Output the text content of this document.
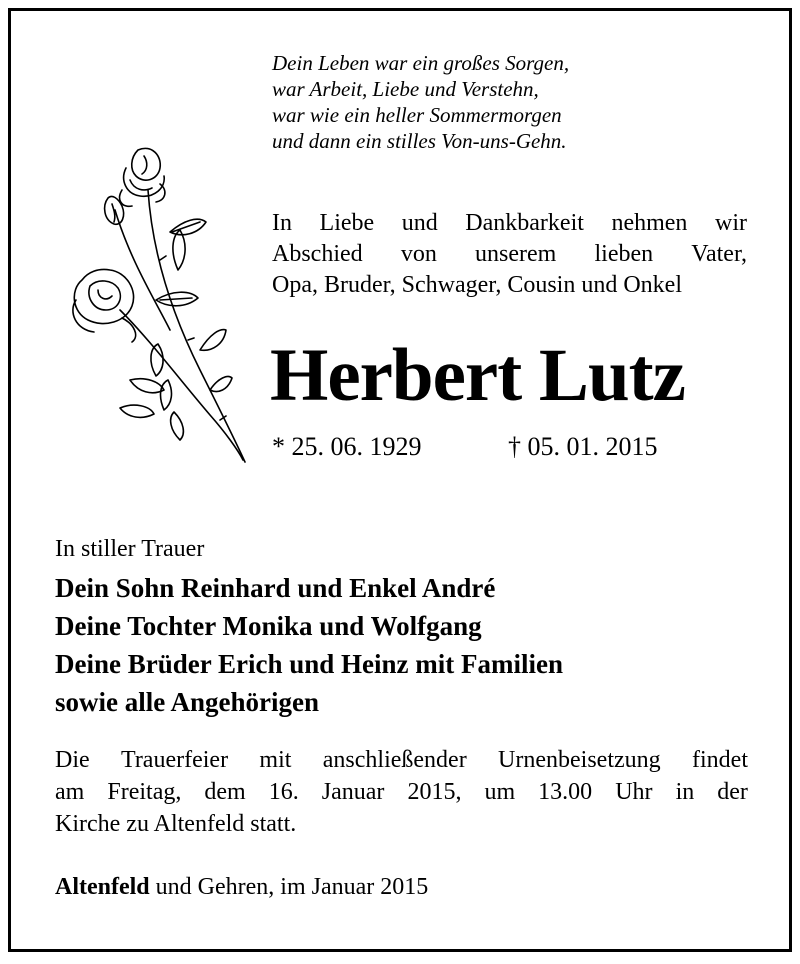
Dein Leben war ein großes Sorgen,
war Arbeit, Liebe und Verstehn,
war wie ein heller Sommermorgen
und dann ein stilles Von-uns-Gehn.
In Liebe und Dankbarkeit nehmen wir
Abschied von unserem lieben Vater,
Opa, Bruder, Schwager, Cousin und Onkel
Herbert Lutz
* 25. 06. 1929	† 05. 01. 2015
In stiller Trauer
Dein Sohn Reinhard und Enkel André
Deine Tochter Monika und Wolfgang
Deine Brüder Erich und Heinz mit Familien
sowie alle Angehörigen
Die Trauerfeier mit anschließender Urnenbeisetzung findet
am Freitag, dem 16. Januar 2015, um 13.00 Uhr in der
Kirche zu Altenfeld statt.
Altenfeld und Gehren, im Januar 2015
